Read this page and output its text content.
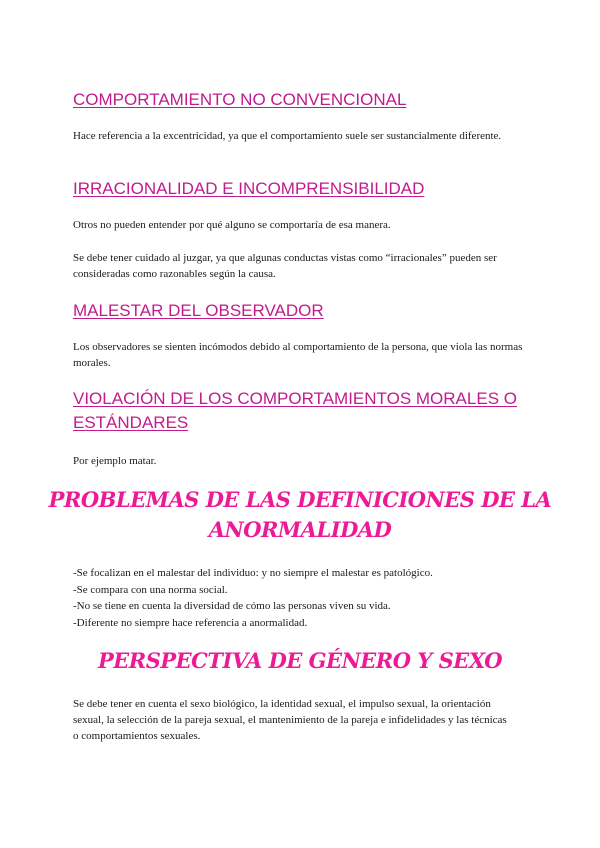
COMPORTAMIENTO NO CONVENCIONAL

Hace referencia a la excentricidad, ya que el comportamiento suele ser sustancialmente diferente.

IRRACIONALIDAD E INCOMPRENSIBILIDAD

Otros no pueden entender por qué alguno se comportaría de esa manera.

Se debe tener cuidado al juzgar, ya que algunas conductas vistas como “irracionales” pueden ser consideradas como razonables según la causa.

MALESTAR DEL OBSERVADOR

Los observadores se sienten incómodos debido al comportamiento de la persona, que viola las normas morales.

VIOLACIÓN DE LOS COMPORTAMIENTOS MORALES O ESTÁNDARES

Por ejemplo matar.

PROBLEMAS DE LAS DEFINICIONES DE LA ANORMALIDAD
-Se focalizan en el malestar del individuo: y no siempre el malestar es patológico.
-Se compara con una norma social.
-No se tiene en cuenta la diversidad de cómo las personas viven su vida.
-Diferente no siempre hace referencia a anormalidad.
PERSPECTIVA DE GÉNERO Y SEXO

Se debe tener en cuenta el sexo biológico, la identidad sexual, el impulso sexual, la orientación sexual, la selección de la pareja sexual, el mantenimiento de la pareja e infidelidades y las técnicas o comportamientos sexuales.
